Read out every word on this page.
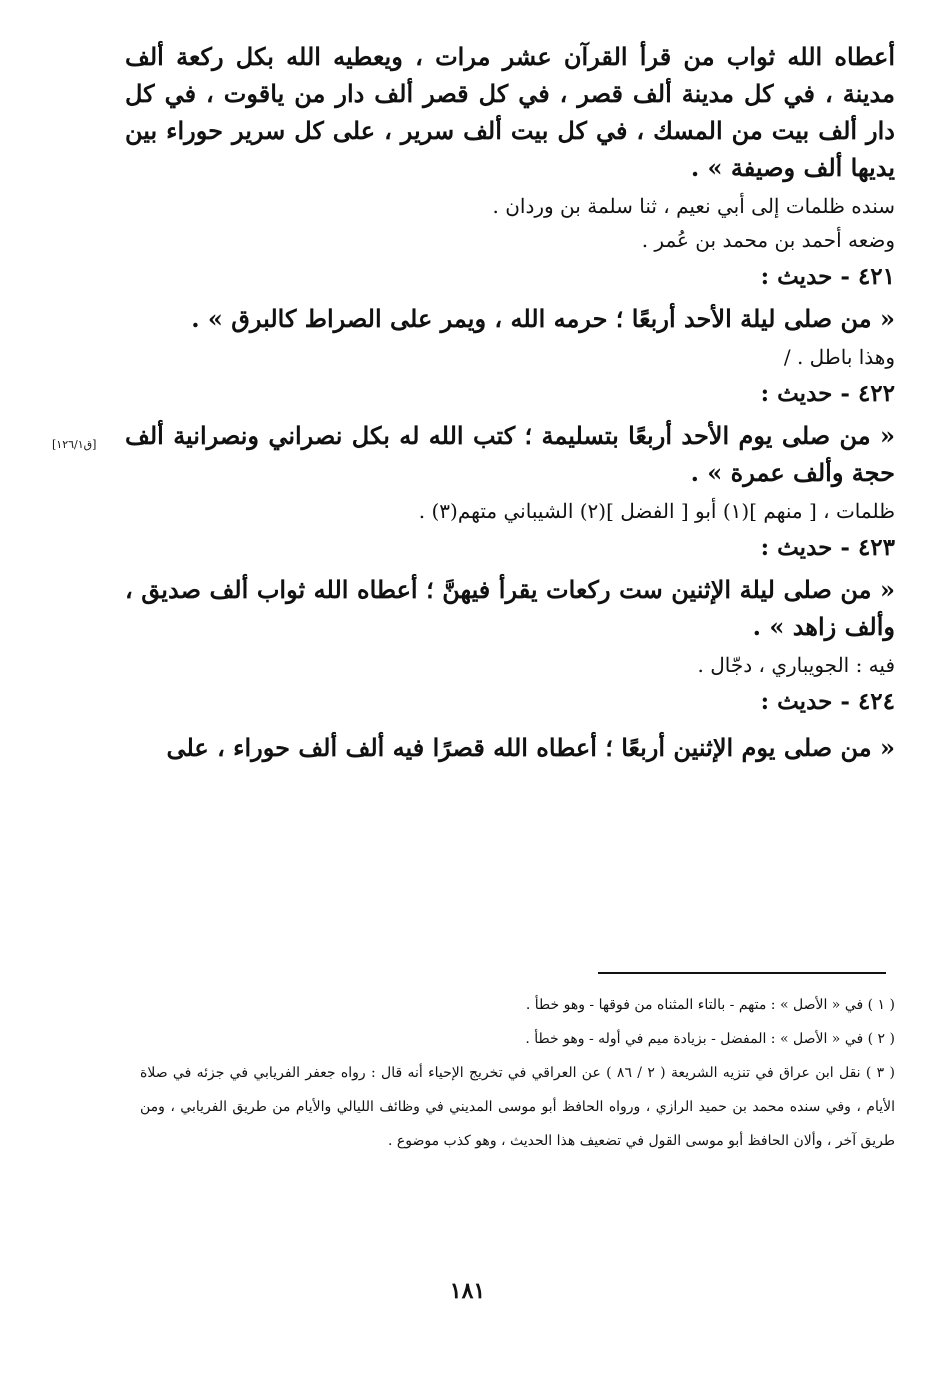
أعطاه الله ثواب من قرأ القرآن عشر مرات ، ويعطيه الله بكل ركعة ألف مدينة ، في كل مدينة ألف قصر ، في كل قصر ألف دار من ياقوت ، في كل دار ألف بيت من المسك ، في كل بيت ألف سرير ، على كل سرير حوراء بين يديها ألف وصيفة » .

سنده ظلمات إلى أبي نعيم ، ثنا سلمة بن وردان .

وضعه أحمد بن محمد بن عُمر .

٤٢١ - حديث :

« من صلى ليلة الأحد أربعًا ؛ حرمه الله ، ويمر على الصراط كالبرق » .

وهذا باطل . /

٤٢٢ - حديث :

« من صلى يوم الأحد أربعًا بتسليمة ؛ كتب الله له بكل نصراني ونصرانية ألف حجة وألف عمرة » .

ظلمات ، [ منهم ](١) أبو [ الفضل ](٢) الشيباني متهم(٣) .

٤٢٣ - حديث :

« من صلى ليلة الإثنين ست ركعات يقرأ فيهنَّ ؛ أعطاه الله ثواب ألف صديق ، وألف زاهد » .

فيه : الجويباري ، دجّال .

٤٢٤ - حديث :

« من صلى يوم الإثنين أربعًا ؛ أعطاه الله قصرًا فيه ألف ألف حوراء ، على

[ق١٢٦/١]

( ١ ) في « الأصل » : متهم - بالتاء المثناه من فوقها - وهو خطأ .

( ٢ ) في « الأصل » : المفضل - بزيادة ميم في أوله - وهو خطأ .

( ٣ ) نقل ابن عراق في تنزيه الشريعة ( ٢ / ٨٦ ) عن العراقي في تخريج الإحياء أنه قال : رواه جعفر الفريابي في جزئه في صلاة الأيام ، وفي سنده محمد بن حميد الرازي ، ورواه الحافظ أبو موسى المديني في وظائف الليالي والأيام من طريق الفريابي ، ومن طريق آخر ، وألان الحافظ أبو موسى القول في تضعيف هذا الحديث ، وهو كذب موضوع .

١٨١
